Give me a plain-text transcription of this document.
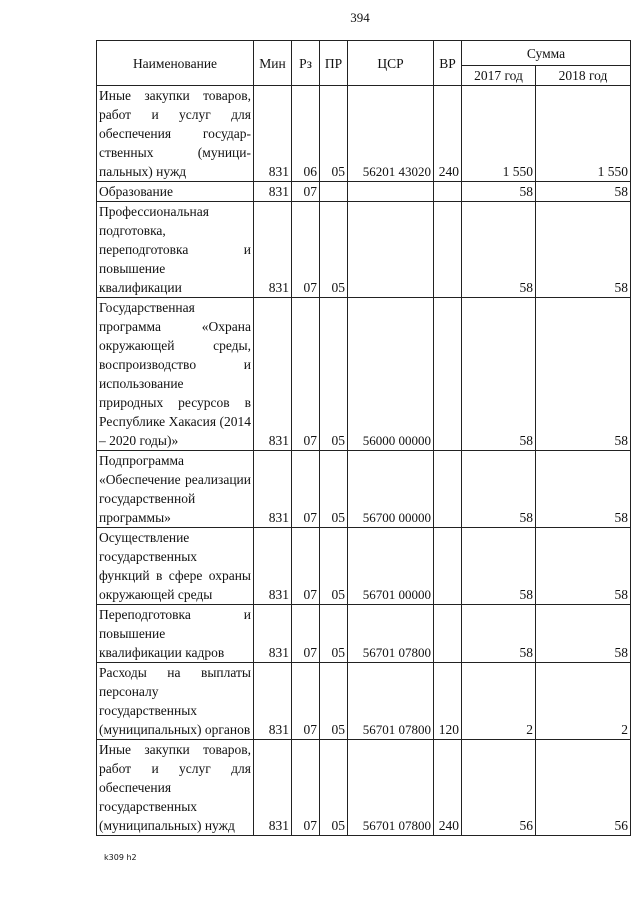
394
Наименование	Мин	Рз	ПР	ЦСР	ВР	Сумма	
						2017 год	2018 год
Иные закупки товаров, работ и услуг для обеспечения государственных (муниципальных) нужд	831	06	05	56201 43020	240	1 550	1 550
Образование	831	07				58	58
Профессиональная подготовка, переподготовка и повышение квалификации	831	07	05			58	58
Государственная программа «Охрана окружающей среды, воспроизводство и использование природных ресурсов в Республике Хакасия (2014 – 2020 годы)»	831	07	05	56000 00000		58	58
Подпрограмма «Обеспечение реализации государственной программы»	831	07	05	56700 00000		58	58
Осуществление государственных функций в сфере охраны окружающей среды	831	07	05	56701 00000		58	58
Переподготовка и повышение квалификации кадров	831	07	05	56701 07800		58	58
Расходы на выплаты персоналу государственных (муниципальных) органов	831	07	05	56701 07800	120	2	2
Иные закупки товаров, работ и услуг для обеспечения государственных (муниципальных) нужд	831	07	05	56701 07800	240	56	56
k309 h2
